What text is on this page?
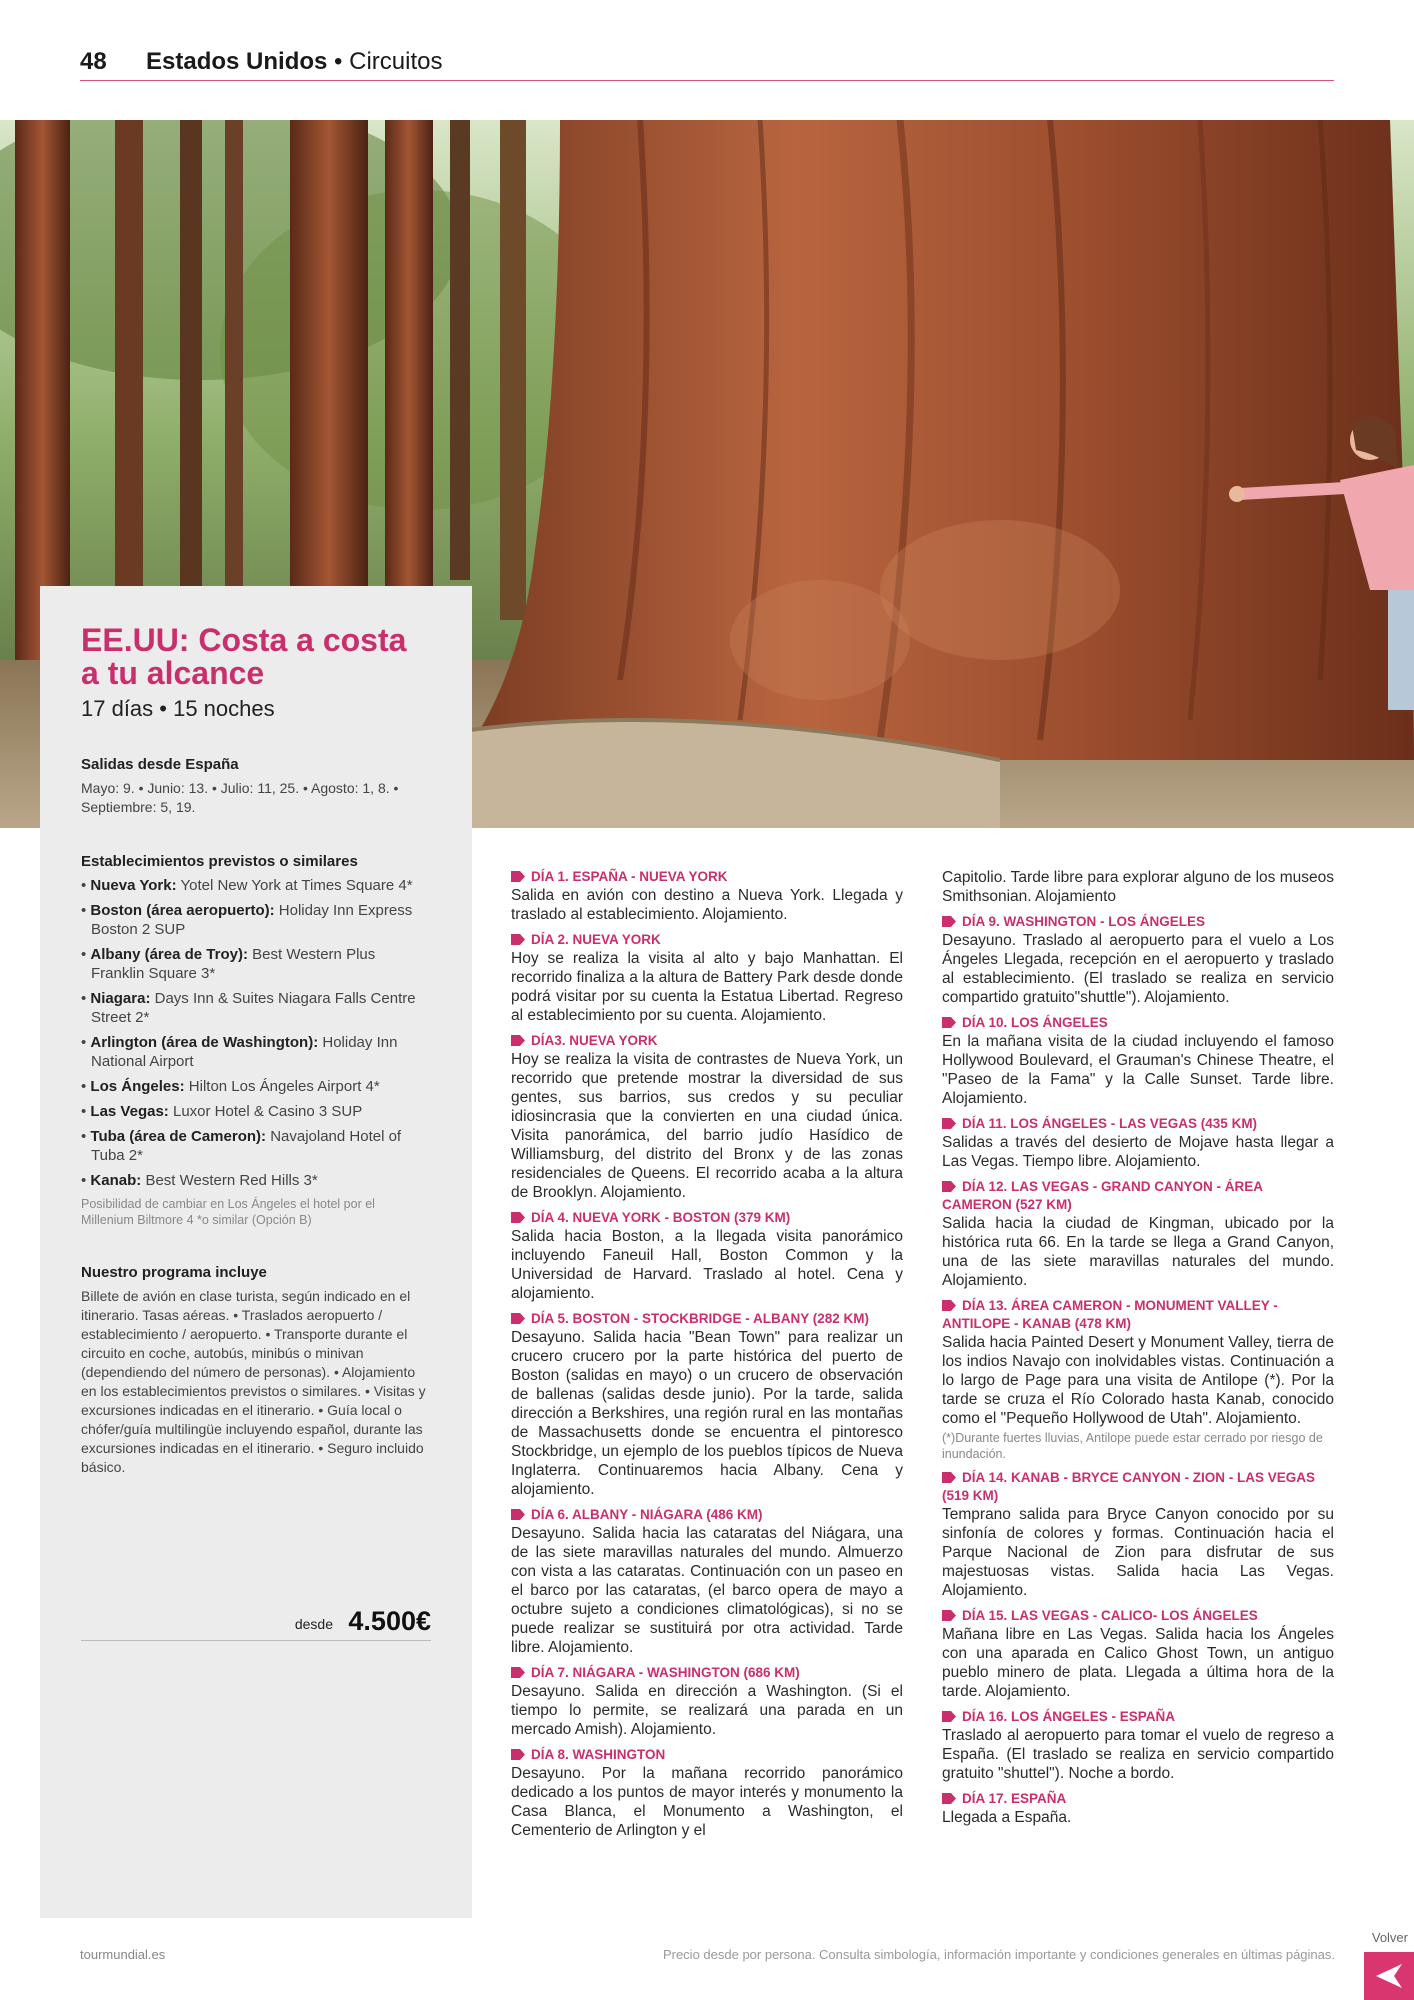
48 Estados Unidos • Circuitos
EE.UU: Costa a costa a tu alcance
17 días • 15 noches
Salidas desde España
Mayo: 9. • Junio: 13. • Julio: 11, 25. • Agosto: 1, 8. • Septiembre: 5, 19.
Establecimientos previstos o similares
• Nueva York: Yotel New York at Times Square 4*
• Boston (área aeropuerto): Holiday Inn Express Boston 2 SUP
• Albany (área de Troy): Best Western Plus Franklin Square 3*
• Niagara: Days Inn & Suites Niagara Falls Centre Street 2*
• Arlington (área de Washington): Holiday Inn National Airport
• Los Ángeles: Hilton Los Ángeles Airport 4*
• Las Vegas: Luxor Hotel & Casino 3 SUP
• Tuba (área de Cameron): Navajoland Hotel of Tuba 2*
• Kanab: Best Western Red Hills 3*
Posibilidad de cambiar en Los Ángeles el hotel por el Millenium Biltmore 4 *o similar (Opción B)
Nuestro programa incluye
Billete de avión en clase turista, según indicado en el itinerario. Tasas aéreas. • Traslados aeropuerto / establecimiento / aeropuerto. • Transporte durante el circuito en coche, autobús, minibús o minivan (dependiendo del número de personas). • Alojamiento en los establecimientos previstos o similares. • Visitas y excursiones indicadas en el itinerario. • Guía local o chófer/guía multilingüe incluyendo español, durante las excursiones indicadas en el itinerario. • Seguro incluido básico.
desde 4.500€
DÍA 1. ESPAÑA - NUEVA YORK
Salida en avión con destino a Nueva York. Llegada y traslado al establecimiento. Alojamiento.
DÍA 2. NUEVA YORK
Hoy se realiza la visita al alto y bajo Manhattan. El recorrido finaliza a la altura de Battery Park desde donde podrá visitar por su cuenta la Estatua Libertad. Regreso al establecimiento por su cuenta. Alojamiento.
DÍA3. NUEVA YORK
Hoy se realiza la visita de contrastes de Nueva York, un recorrido que pretende mostrar la diversidad de sus gentes, sus barrios, sus credos y su peculiar idiosincrasia que la convierten en una ciudad única. Visita panorámica, del barrio judío Hasídico de Williamsburg, del distrito del Bronx y de las zonas residenciales de Queens. El recorrido acaba a la altura de Brooklyn. Alojamiento.
DÍA 4. NUEVA YORK - BOSTON (379 KM)
Salida hacia Boston, a la llegada visita panorámico incluyendo Faneuil Hall, Boston Common y la Universidad de Harvard. Traslado al hotel. Cena y alojamiento.
DÍA 5. BOSTON - STOCKBRIDGE - ALBANY (282 KM)
Desayuno. Salida hacia "Bean Town" para realizar un crucero crucero por la parte histórica del puerto de Boston (salidas en mayo) o un crucero de observación de ballenas (salidas desde junio). Por la tarde, salida dirección a Berkshires, una región rural en las montañas de Massachusetts donde se encuentra el pintoresco Stockbridge, un ejemplo de los pueblos típicos de Nueva Inglaterra. Continuaremos hacia Albany. Cena y alojamiento.
DÍA 6. ALBANY - NIÁGARA (486 KM)
Desayuno. Salida hacia las cataratas del Niágara, una de las siete maravillas naturales del mundo. Almuerzo con vista a las cataratas. Continuación con un paseo en el barco por las cataratas, (el barco opera de mayo a octubre sujeto a condiciones climatológicas), si no se puede realizar se sustituirá por otra actividad. Tarde libre. Alojamiento.
DÍA 7. NIÁGARA - WASHINGTON (686 KM)
Desayuno. Salida en dirección a Washington. (Si el tiempo lo permite, se realizará una parada en un mercado Amish). Alojamiento.
DÍA 8. WASHINGTON
Desayuno. Por la mañana recorrido panorámico dedicado a los puntos de mayor interés y monumento la Casa Blanca, el Monumento a Washington, el Cementerio de Arlington y el
Capitolio. Tarde libre para explorar alguno de los museos Smithsonian. Alojamiento
DÍA 9. WASHINGTON - LOS ÁNGELES
Desayuno. Traslado al aeropuerto para el vuelo a Los Ángeles Llegada, recepción en el aeropuerto y traslado al establecimiento. (El traslado se realiza en servicio compartido gratuito"shuttle"). Alojamiento.
DÍA 10. LOS ÁNGELES
En la mañana visita de la ciudad incluyendo el famoso Hollywood Boulevard, el Grauman's Chinese Theatre, el "Paseo de la Fama" y la Calle Sunset. Tarde libre. Alojamiento.
DÍA 11. LOS ÁNGELES - LAS VEGAS (435 KM)
Salidas a través del desierto de Mojave hasta llegar a Las Vegas. Tiempo libre. Alojamiento.
DÍA 12. LAS VEGAS - GRAND CANYON - ÁREA CAMERON (527 KM)
Salida hacia la ciudad de Kingman, ubicado por la histórica ruta 66. En la tarde se llega a Grand Canyon, una de las siete maravillas naturales del mundo. Alojamiento.
DÍA 13. ÁREA CAMERON - MONUMENT VALLEY - ANTILOPE - KANAB (478 KM)
Salida hacia Painted Desert y Monument Valley, tierra de los indios Navajo con inolvidables vistas. Continuación a lo largo de Page para una visita de Antilope (*). Por la tarde se cruza el Río Colorado hasta Kanab, conocido como el "Pequeño Hollywood de Utah". Alojamiento.
(*)Durante fuertes lluvias, Antilope puede estar cerrado por riesgo de inundación.
DÍA 14. KANAB - BRYCE CANYON - ZION - LAS VEGAS (519 KM)
Temprano salida para Bryce Canyon conocido por su sinfonía de colores y formas. Continuación hacia el Parque Nacional de Zion para disfrutar de sus majestuosas vistas. Salida hacia Las Vegas. Alojamiento.
DÍA 15. LAS VEGAS - CALICO- LOS ÁNGELES
Mañana libre en Las Vegas. Salida hacia los Ángeles con una aparada en Calico Ghost Town, un antiguo pueblo minero de plata. Llegada a última hora de la tarde. Alojamiento.
DÍA 16. LOS ÁNGELES - ESPAÑA
Traslado al aeropuerto para tomar el vuelo de regreso a España. (El traslado se realiza en servicio compartido gratuito "shuttel"). Noche a bordo.
DÍA 17. ESPAÑA
Llegada a España.
tourmundial.es	Precio desde por persona. Consulta simbología, información importante y condiciones generales en últimas páginas.
Volver
